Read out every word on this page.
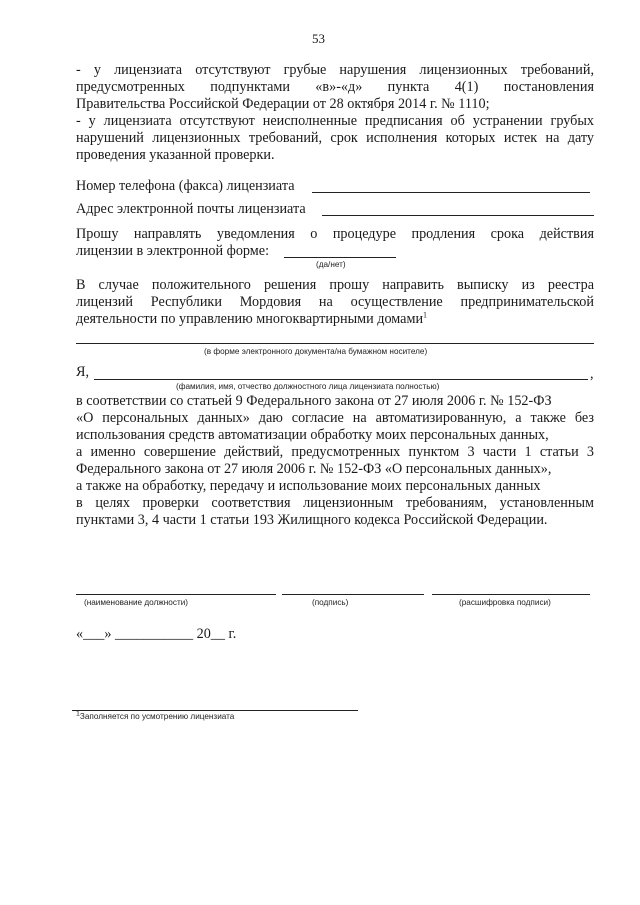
53
- у лицензиата отсутствуют грубые нарушения лицензионных требований,
предусмотренных подпунктами «в»-«д» пункта 4(1) постановления
Правительства Российской Федерации от 28 октября 2014 г. № 1110;
- у лицензиата отсутствуют неисполненные предписания об устранении грубых
нарушений лицензионных требований, срок исполнения которых истек на дату
проведения указанной проверки.
Номер телефона (факса) лицензиата
Адрес электронной почты лицензиата
Прошу направлять уведомления о процедуре продления срока действия
лицензии в электронной форме:
(да/нет)
В случае положительного решения прошу направить выписку из реестра
лицензий Республики Мордовия на осуществление предпринимательской
деятельности по управлению многоквартирными домами$^1$
(в форме электронного документа/на бумажном носителе)
Я,	,
(фамилия, имя, отчество должностного лица лицензиата полностью)
в соответствии со статьей 9 Федерального закона от 27 июля 2006 г. № 152-ФЗ
«О персональных данных» даю согласие на автоматизированную, а также без
использования средств автоматизации обработку моих персональных данных,
а именно совершение действий, предусмотренных пунктом 3 части 1 статьи 3
Федерального закона от 27 июля 2006 г. № 152-ФЗ «О персональных данных»,
а также на обработку, передачу и использование моих персональных данных
в целях проверки соответствия лицензионным требованиям, установленным
пунктами 3, 4 части 1 статьи 193 Жилищного кодекса Российской Федерации.
(наименование должности)	(подпись)	(расшифровка подписи)
«___» ___________ 20__ г.
$^1$Заполняется по усмотрению лицензиата
